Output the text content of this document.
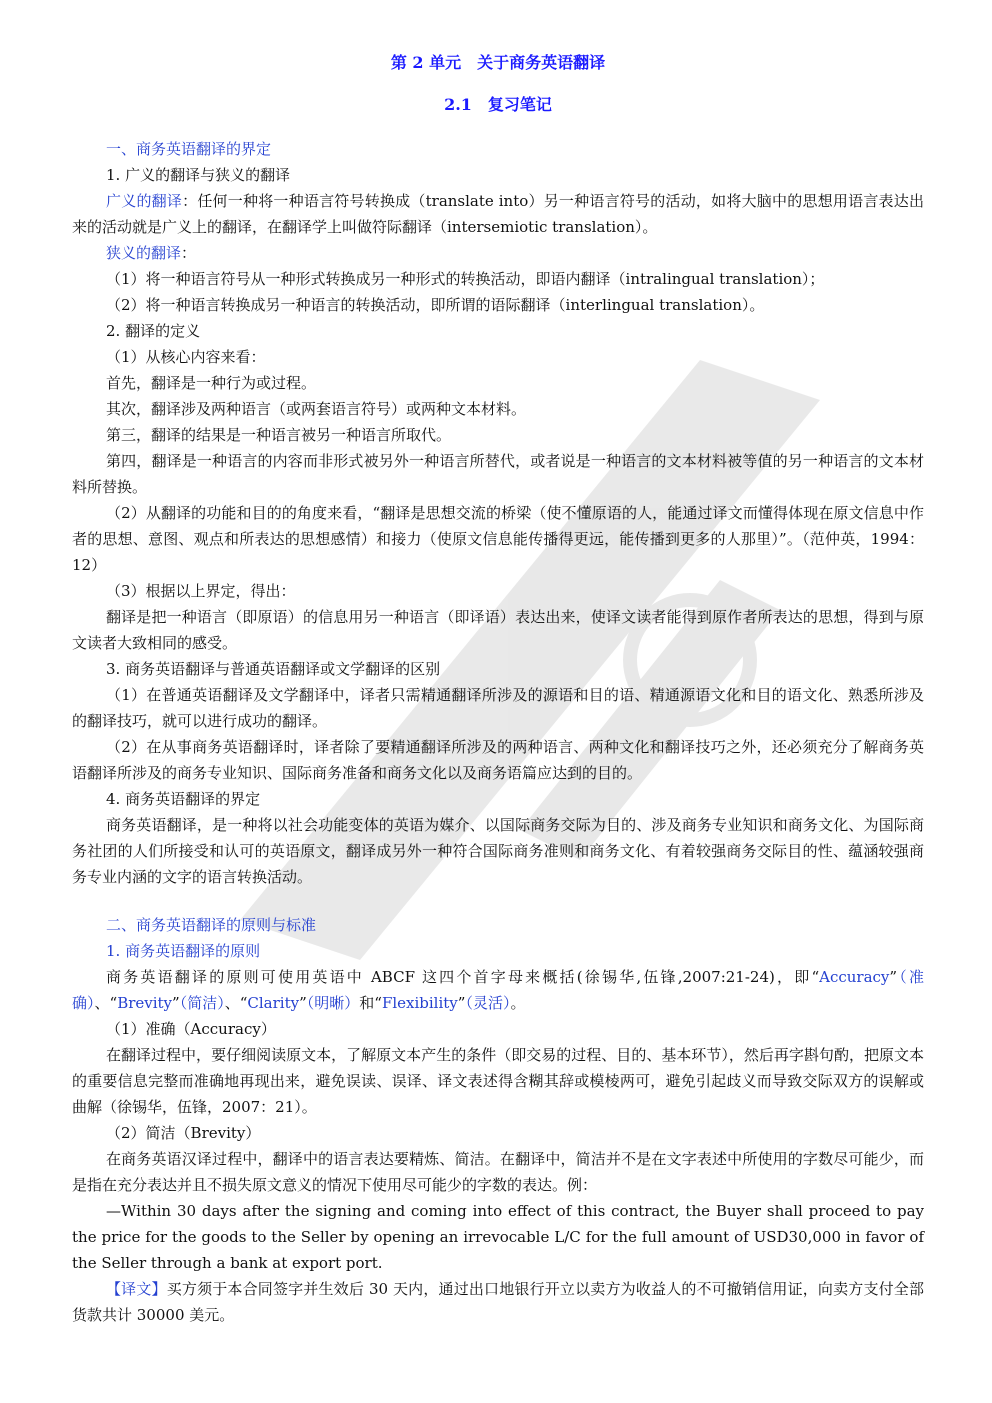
第 2 单元　关于商务英语翻译

2.1　复习笔记

一、商务英语翻译的界定

1. 广义的翻译与狭义的翻译

广义的翻译：任何一种将一种语言符号转换成（translate into）另一种语言符号的活动，如将大脑中的思想用语言表达出来的活动就是广义上的翻译，在翻译学上叫做符际翻译（intersemiotic translation）。

狭义的翻译：

（1）将一种语言符号从一种形式转换成另一种形式的转换活动，即语内翻译（intralingual translation）；

（2）将一种语言转换成另一种语言的转换活动，即所谓的语际翻译（interlingual translation）。

2. 翻译的定义

（1）从核心内容来看：

首先，翻译是一种行为或过程。

其次，翻译涉及两种语言（或两套语言符号）或两种文本材料。

第三，翻译的结果是一种语言被另一种语言所取代。

第四，翻译是一种语言的内容而非形式被另外一种语言所替代，或者说是一种语言的文本材料被等值的另一种语言的文本材料所替换。

（2）从翻译的功能和目的的角度来看，“翻译是思想交流的桥梁（使不懂原语的人，能通过译文而懂得体现在原文信息中作者的思想、意图、观点和所表达的思想感情）和接力（使原文信息能传播得更远，能传播到更多的人那里）”。（范仲英，1994：12）

（3）根据以上界定，得出：

翻译是把一种语言（即原语）的信息用另一种语言（即译语）表达出来，使译文读者能得到原作者所表达的思想，得到与原文读者大致相同的感受。

3. 商务英语翻译与普通英语翻译或文学翻译的区别

（1）在普通英语翻译及文学翻译中，译者只需精通翻译所涉及的源语和目的语、精通源语文化和目的语文化、熟悉所涉及的翻译技巧，就可以进行成功的翻译。

（2）在从事商务英语翻译时，译者除了要精通翻译所涉及的两种语言、两种文化和翻译技巧之外，还必须充分了解商务英语翻译所涉及的商务专业知识、国际商务准备和商务文化以及商务语篇应达到的目的。

4. 商务英语翻译的界定

商务英语翻译，是一种将以社会功能变体的英语为媒介、以国际商务交际为目的、涉及商务专业知识和商务文化、为国际商务社团的人们所接受和认可的英语原文，翻译成另外一种符合国际商务准则和商务文化、有着较强商务交际目的性、蕴涵较强商务专业内涵的文字的语言转换活动。

二、商务英语翻译的原则与标准

1. 商务英语翻译的原则

商务英语翻译的原则可使用英语中 ABCF 这四个首字母来概括(徐锡华,伍锋,2007:21-24)，即“Accuracy”（准确）、“Brevity”（简洁）、“Clarity”（明晰）和“Flexibility”（灵活）。

（1）准确（Accuracy）

在翻译过程中，要仔细阅读原文本，了解原文本产生的条件（即交易的过程、目的、基本环节），然后再字斟句酌，把原文本的重要信息完整而准确地再现出来，避免误读、误译、译文表述得含糊其辞或模棱两可，避免引起歧义而导致交际双方的误解或曲解（徐锡华，伍锋，2007：21）。

（2）简洁（Brevity）

在商务英语汉译过程中，翻译中的语言表达要精炼、简洁。在翻译中，简洁并不是在文字表述中所使用的字数尽可能少，而是指在充分表达并且不损失原文意义的情况下使用尽可能少的字数的表达。例：

—Within 30 days after the signing and coming into effect of this contract, the Buyer shall proceed to pay the price for the goods to the Seller by opening an irrevocable L/C for the full amount of USD30,000 in favor of the Seller through a bank at export port.

【译文】买方须于本合同签字并生效后 30 天内，通过出口地银行开立以卖方为收益人的不可撤销信用证，向卖方支付全部货款共计 30000 美元。
